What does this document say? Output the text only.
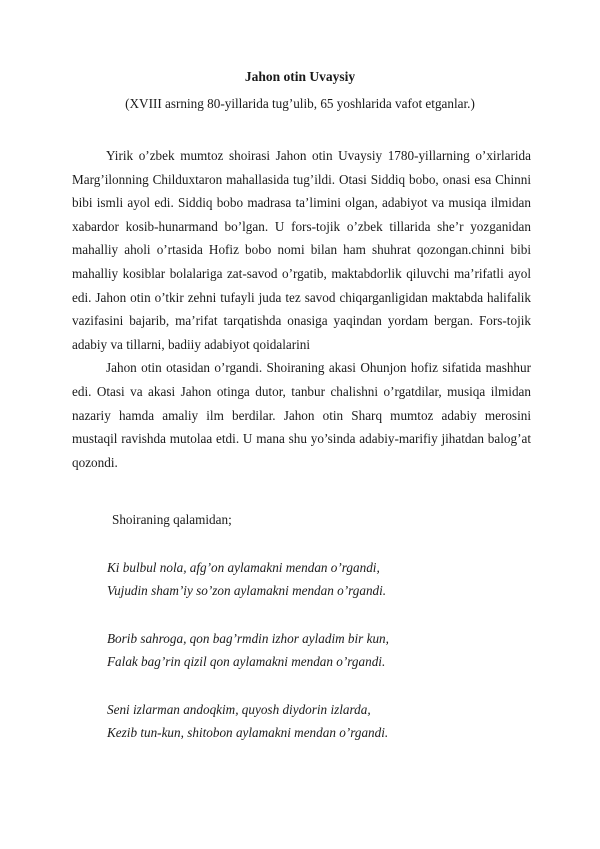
Jahon otin Uvaysiy
(XVIII asrning 80-yillarida tug’ulib, 65 yoshlarida vafot etganlar.)

Yirik o’zbek mumtoz shoirasi Jahon otin Uvaysiy 1780-yillarning o’xirlarida Marg’ilonning Childuxtaron mahallasida tug’ildi. Otasi Siddiq bobo, onasi esa Chinni bibi ismli ayol edi. Siddiq bobo madrasa ta’limini olgan, adabiyot va musiqa ilmidan xabardor kosib-hunarmand bo’lgan. U fors-tojik o’zbek tillarida she’r yozganidan mahalliy aholi o’rtasida Hofiz bobo nomi bilan ham shuhrat qozongan.chinni bibi mahalliy kosiblar bolalariga zat-savod o’rgatib, maktabdorlik qiluvchi ma’rifatli ayol edi. Jahon otin o’tkir zehni tufayli juda tez savod chiqarganligidan maktabda halifalik vazifasini bajarib, ma’rifat tarqatishda onasiga yaqindan yordam bergan. Fors-tojik adabiy va tillarni, badiiy adabiyot qoidalarini

Jahon otin otasidan o’rgandi. Shoiraning akasi Ohunjon hofiz sifatida mashhur edi. Otasi va akasi Jahon otinga dutor, tanbur chalishni o’rgatdilar, musiqa ilmidan nazariy hamda amaliy ilm berdilar. Jahon otin Sharq mumtoz adabiy merosini mustaqil ravishda mutolaa etdi. U mana shu yo’sinda adabiy-marifiy jihatdan balog’at qozondi.

Shoiraning qalamidan;
Ki bulbul nola, afg’on aylamakni mendan o’rgandi,
Vujudin sham’iy so’zon aylamakni mendan o’rgandi.
Borib sahroga, qon bag’rmdin izhor ayladim bir kun,
Falak bag’rin qizil qon aylamakni mendan o’rgandi.
Seni izlarman andoqkim, quyosh diydorin izlarda,
Kezib tun-kun, shitobon aylamakni mendan o’rgandi.
